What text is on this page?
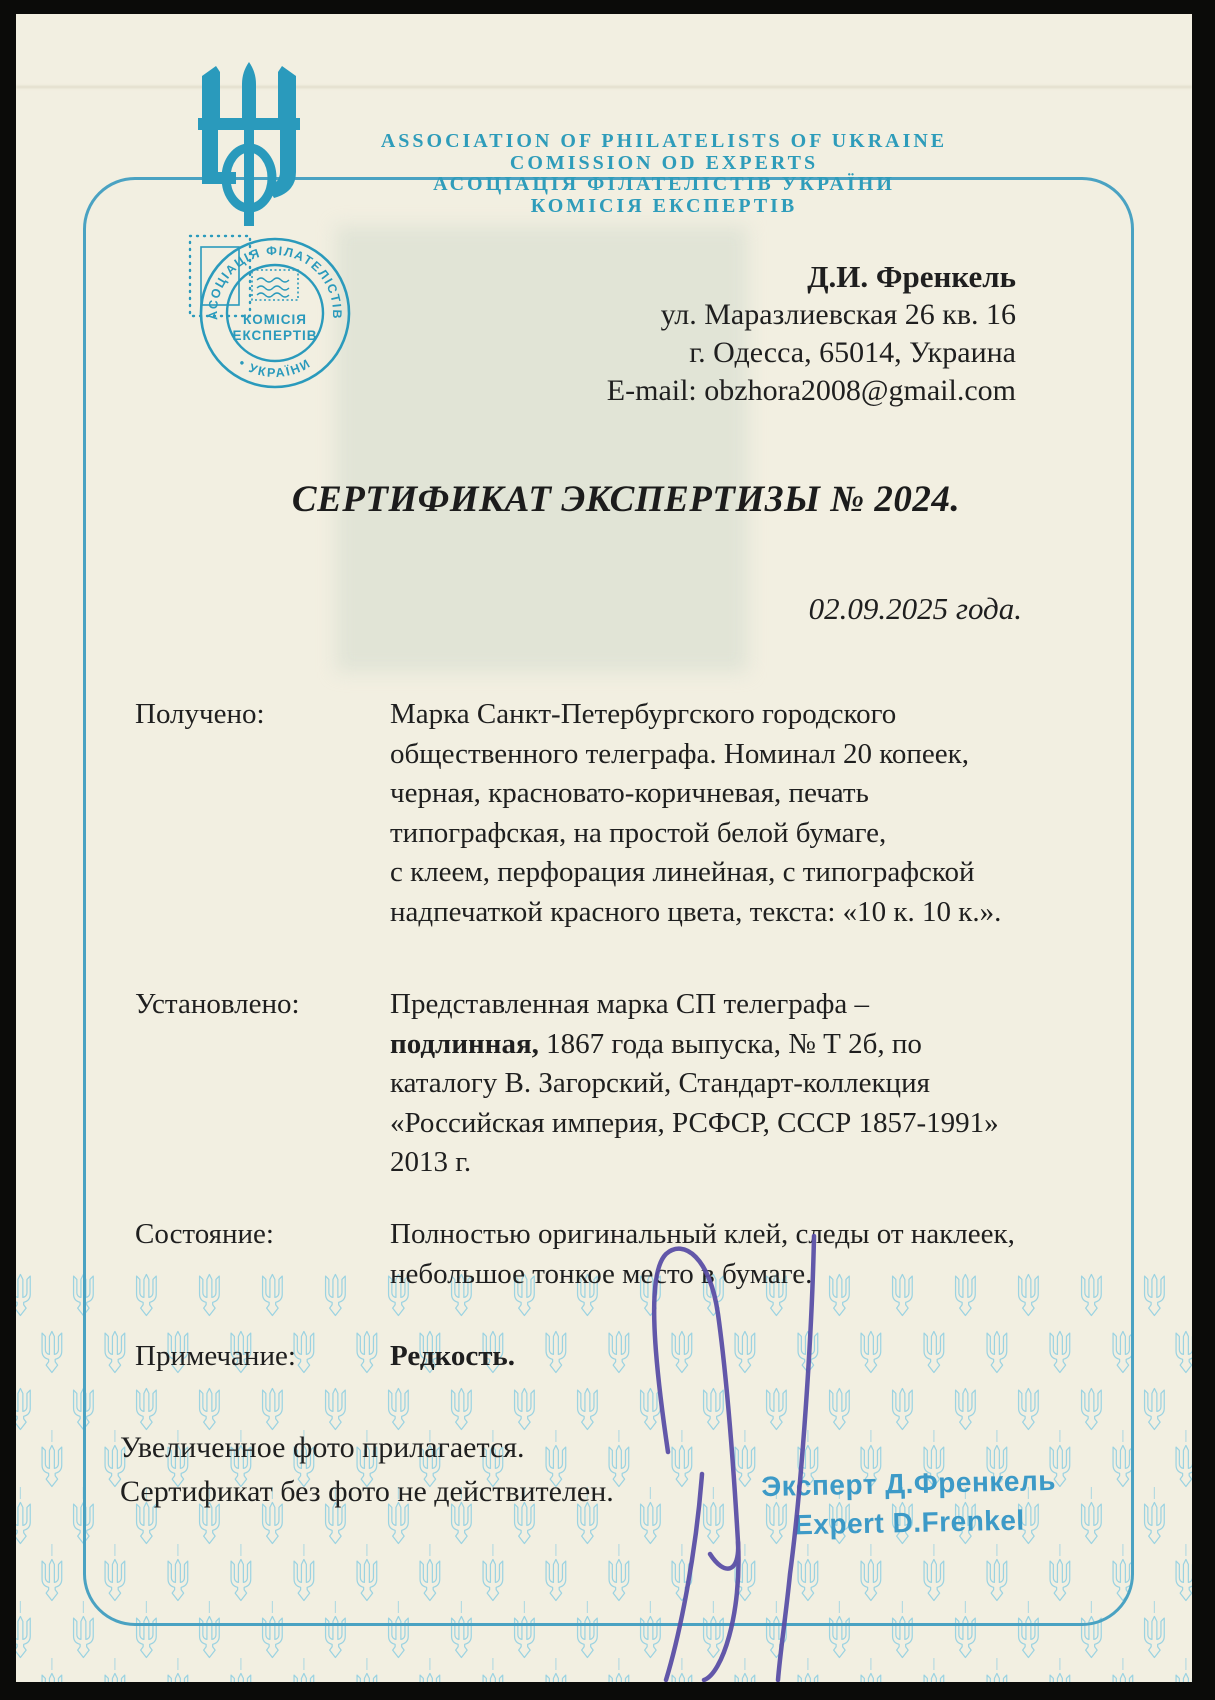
АСОЦІАЦІЯ ФІЛАТЕЛІСТІВ
• УКРАЇНИ
КОМІСІЯ
ЕКСПЕРТІВ
ASSOCIATION OF PHILATELISTS OF UKRAINE
COMISSION OD EXPERTS
АСОЦІАЦІЯ ФІЛАТЕЛІСТІВ УКРАЇНИ
КОМІСІЯ ЕКСПЕРТІВ
Д.И. Френкель
ул. Маразлиевская 26 кв. 16
г. Одесса, 65014, Украина
E-mail: obzhora2008@gmail.com
СЕРТИФИКАТ ЭКСПЕРТИЗЫ № 2024.
02.09.2025 года.
Получено:	Марка Санкт-Петербургского городского
общественного телеграфа. Номинал 20 копеек,
черная, красновато-коричневая, печать
типографская, на простой белой бумаге,
с клеем, перфорация линейная, с типографской
надпечаткой красного цвета, текста: «10 к. 10 к.».
Установлено:	Представленная марка СП телеграфа –
подлинная, 1867 года выпуска, № Т 2б, по
каталогу В. Загорский, Стандарт-коллекция
«Российская империя, РСФСР, СССР 1857-1991»
2013 г.
Состояние:	Полностью оригинальный клей, следы от наклеек,
небольшое тонкое место в бумаге.
Примечание:	Редкость.
Увеличенное фото прилагается.
Сертификат без фото не действителен.	Эксперт Д.Френкель
Expert D.Frenkel
